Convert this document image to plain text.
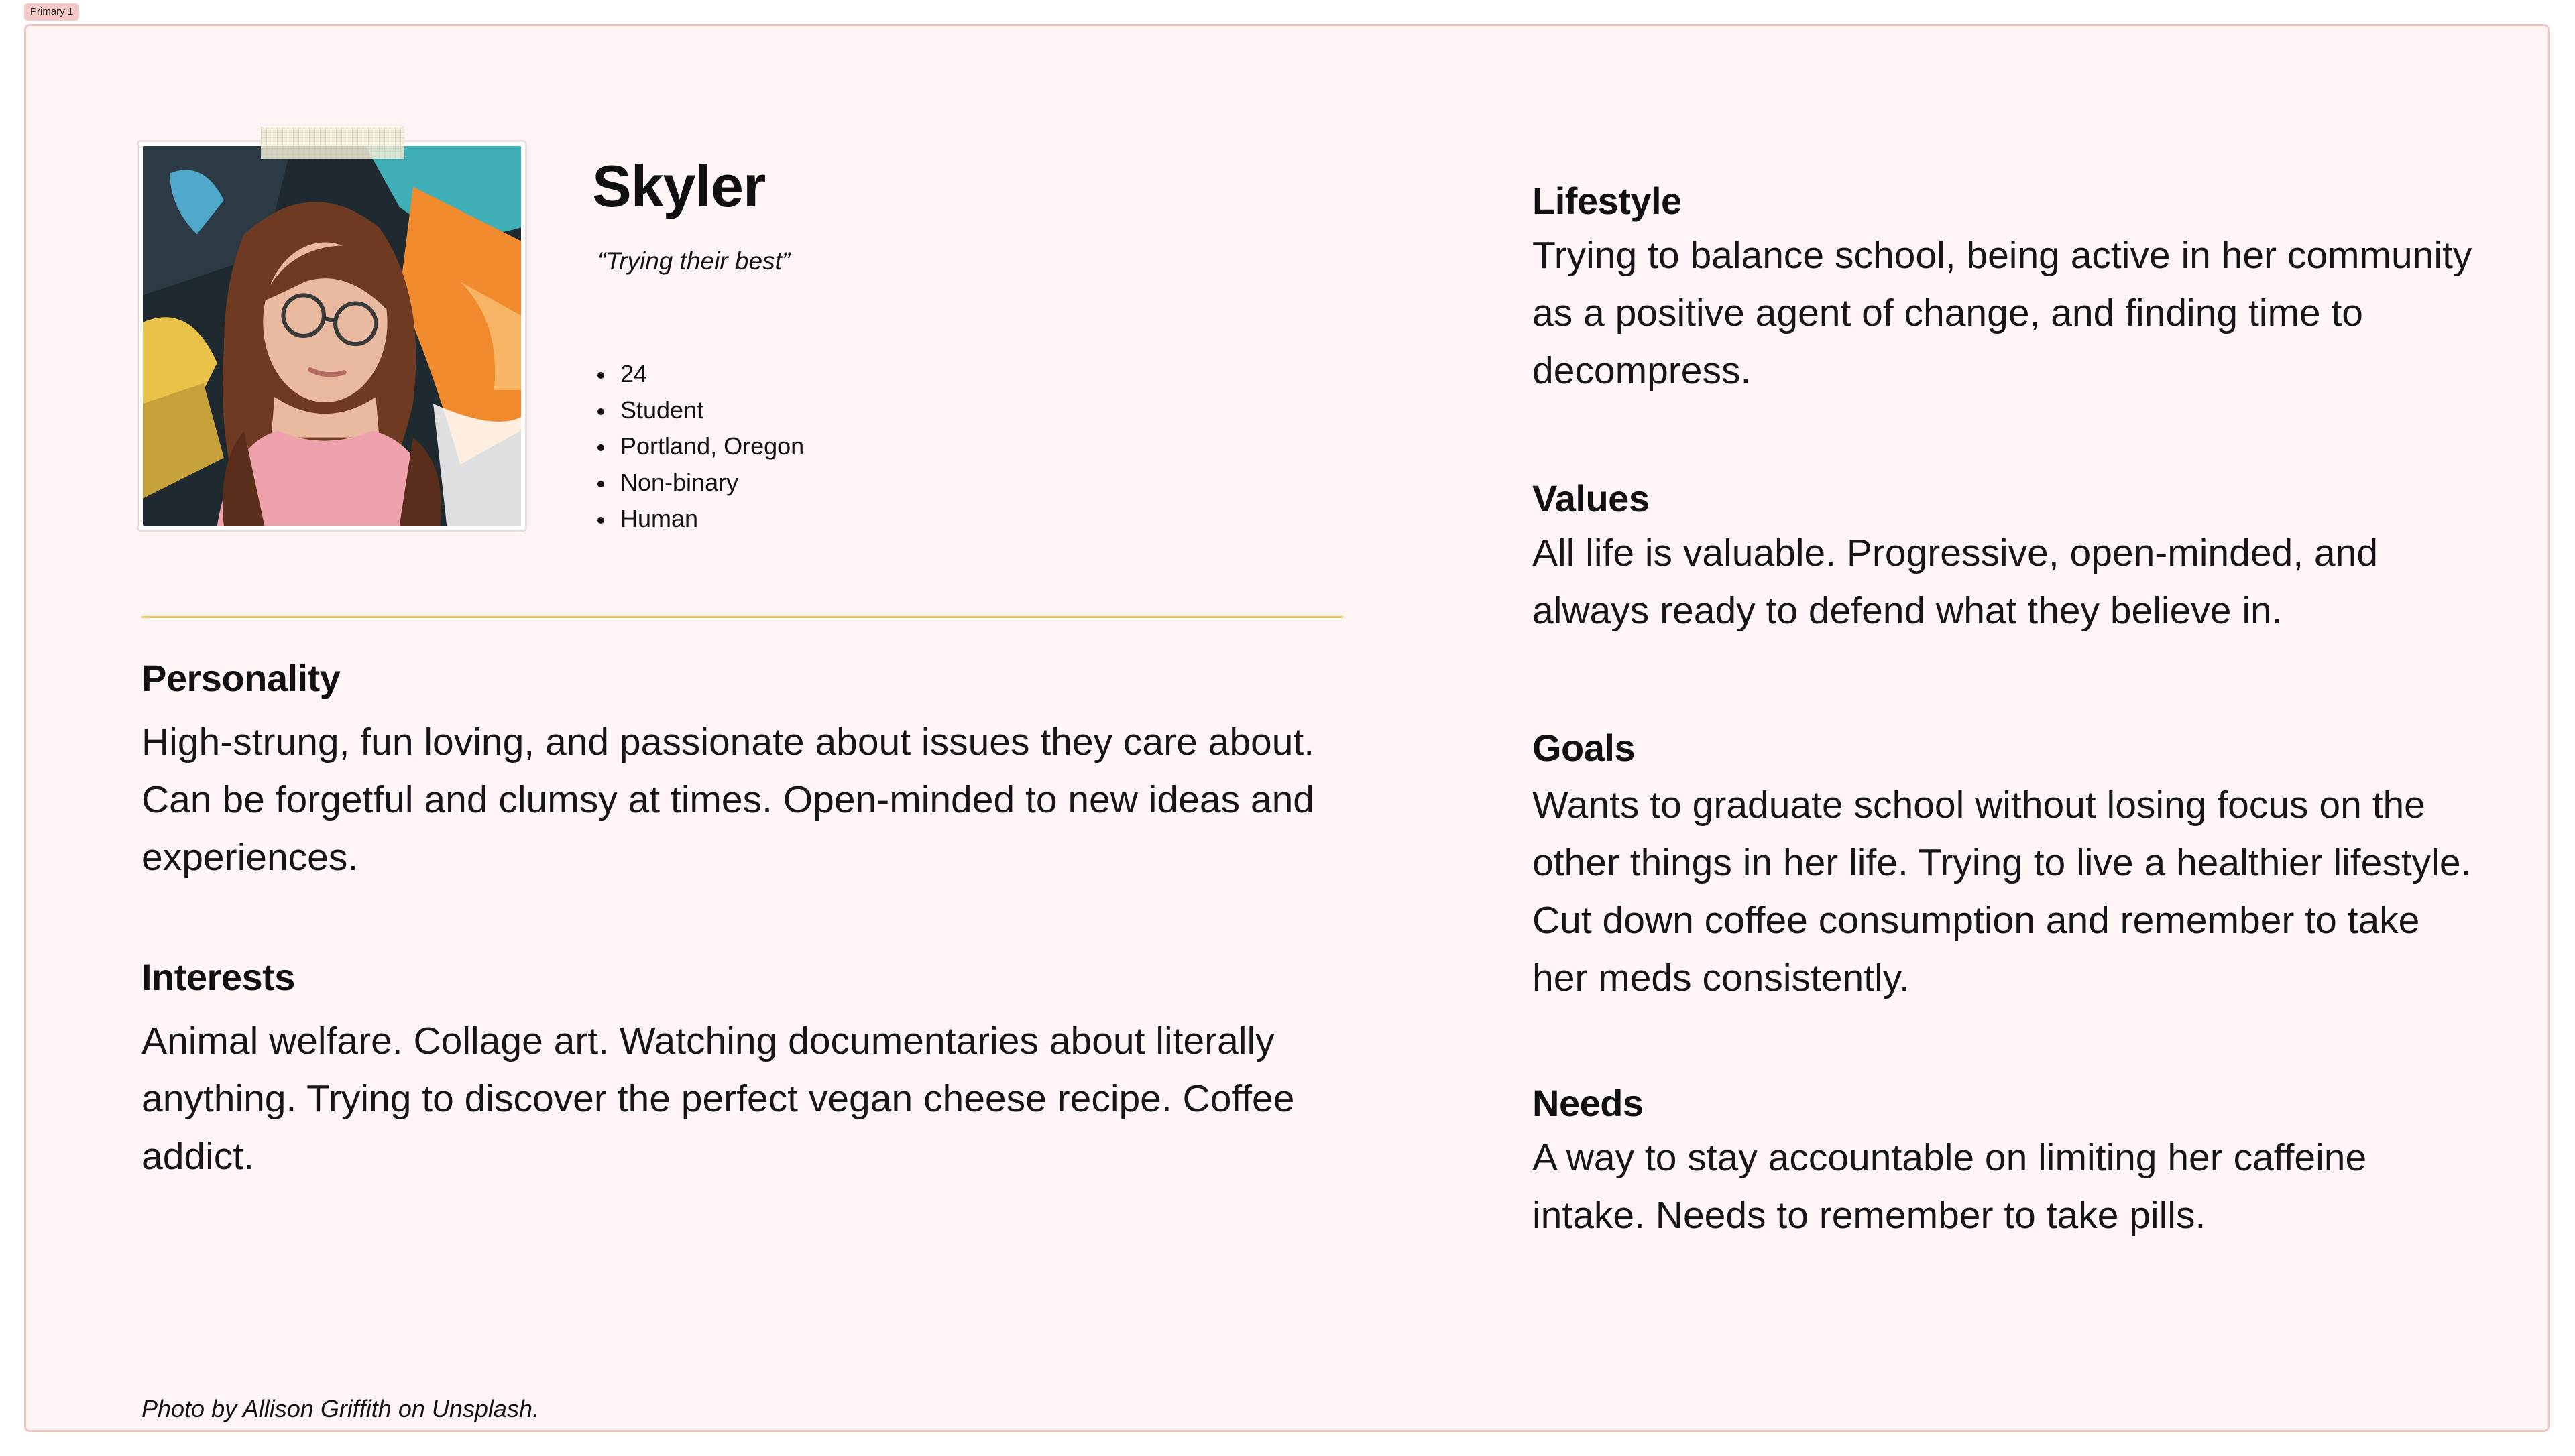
Primary 1
Skyler
“Trying their best”
24
Student
Portland, Oregon
Non-binary
Human
Personality

High-strung, fun loving, and passionate about issues they care about. Can be forgetful and clumsy at times. Open-minded to new ideas and experiences.

Interests

Animal welfare. Collage art. Watching documentaries about literally anything. Trying to discover the perfect vegan cheese recipe. Coffee addict.

Lifestyle

Trying to balance school, being active in her community as a positive agent of change, and finding time to decompress.

Values

All life is valuable. Progressive, open-minded, and always ready to defend what they believe in.

Goals

Wants to graduate school without losing focus on the other things in her life. Trying to live a healthier lifestyle. Cut down coffee consumption and remember to take her meds consistently.

Needs

A way to stay accountable on limiting her caffeine intake. Needs to remember to take pills.

Photo by Allison Griffith on Unsplash.
